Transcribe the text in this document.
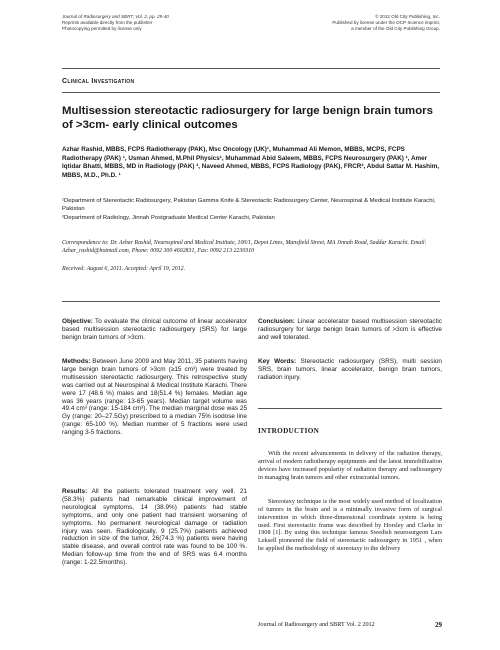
Journal of Radiosurgery and SBRT, Vol. 2, pp. 29-40
Reprints available directly from the publisher
Photocopying permitted by license only
© 2012 Old City Publishing, Inc.
Published by license under the OCP Science imprint,
a member of the Old City Publishing Group.
Clinical Investigation
Multisession stereotactic radiosurgery for large benign brain tumors of >3cm- early clinical outcomes
Azhar Rashid, MBBS, FCPS Radiotherapy (PAK), Msc Oncology (UK)¹, Muhammad Ali Memon, MBBS, MCPS, FCPS Radiotherapy (PAK) ¹, Usman Ahmed, M.Phil Physics¹, Muhammad Abid Saleem, MBBS, FCPS Neurosurgery (PAK) ¹, Amer Iqtidar Bhatti, MBBS, MD in Radiology (PAK) ², Naveed Ahmed, MBBS, FCPS Radiology (PAK), FRCR², Abdul Sattar M. Hashim, MBBS, M.D., Ph.D. ¹
¹Department of Stereotactic Radiosurgery, Pakistan Gamma Knife & Stereotactic Radiosurgery Center, Neurospinal & Medical Institute Karachi, Pakistan
²Department of Radiology, Jinnah Postgraduate Medical Center Karachi, Pakistan
Correspondence to: Dr. Azhar Rashid, Neurospinal and Medical Institute, 100/1, Depot Lines, Mansfield Street, MA Jinnah Road, Saddar Karachi. Email: Azhar_rashid@hotmail.com, Phone: 0092 300 4602831, Fax: 0092 213 2230310
Received: August 6, 2011. Accepted: April 19, 2012.
Objective: To evaluate the clinical outcome of linear accelerator based multisession stereotactic radiosurgery (SRS) for large benign brain tumors of >3cm.
Methods: Between June 2009 and May 2011, 35 patients having large benign brain tumors of >3cm (≥15 cm³) were treated by multisession stereotactic radiosurgery. This retrospective study was carried out at Neurospinal & Medical Institute Karachi. There were 17 (48.6 %) males and 18(51.4 %) females. Median age was 36 years (range: 13-65 years). Median target volume was 49.4 cm³ (range: 15-184 cm³). The median marginal dose was 25 Gy (range: 20–27.5Gy) prescribed to a median 75% isodose line (range: 65-100 %). Median number of 5 fractions were used ranging 3-5 fractions.
Results: All the patients tolerated treatment very well. 21 (58.3%) patients had remarkable clinical improvement of neurological symptoms, 14 (38.9%) patients had stable symptoms, and only one patient had transient worsening of symptoms. No permanent neurological damage or radiation injury was seen. Radiologically, 9 (25.7%) patients achieved reduction in size of the tumor, 26(74.3 %) patients were having stable disease, and overall control rate was found to be 100 %. Median follow-up time from the end of SRS was 6.4 months (range: 1-22.5months).
Conclusion: Linear accelerator based multisession stereotactic radiosurgery for large benign brain tumors of >3cm is effective and well tolerated.
Key Words: Stereotactic radiosurgery (SRS), multi session SRS, brain tumors, linear accelerator, benign brain tumors, radiation injury.
INTRODUCTION
With the recent advancements in delivery of the radiation therapy, arrival of modern radiotherapy equipments and the latest immobilization devices have increased popularity of radiation therapy and radiosurgery in managing brain tumors and other extracranial tumors.
Stereotaxy technique is the most widely used method of localization of tumors in the brain and is a minimally invasive form of surgical intervention in which three-dimensional coordinate system is being used. First stereotactic frame was described by Horsley and Clarke in 1908 [1]. By using this technique famous Swedish neurosurgeon Lars Leksell pioneered the field of stereotactic radiosurgery in 1951 , when he applied the methodology of stereotaxy to the delivery
Journal of Radiosurgery and SBRT Vol. 2 2012	29
